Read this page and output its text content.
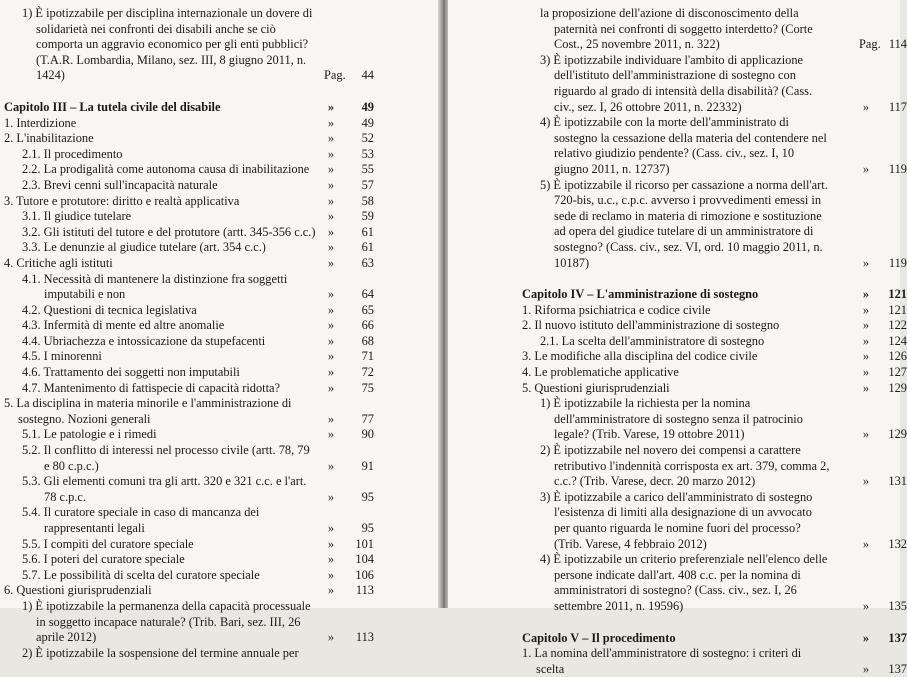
1) È ipotizzabile per disciplina internazionale un dovere di solidarietà nei confronti dei disabili anche se ciò comporta un aggravio economico per gli enti pubblici? (T.A.R. Lombardia, Milano, sez. III, 8 giugno 2011, n. 1424)	Pag.	44
Capitolo III – La tutela civile del disabile	»	49
1. Interdizione	»	49
2. L'inabilitazione	»	52
2.1. Il procedimento	»	53
2.2. La prodigalità come autonoma causa di inabilitazione	»	55
2.3. Brevi cenni sull'incapacità naturale	»	57
3. Tutore e protutore: diritto e realtà applicativa	»	58
3.1. Il giudice tutelare	»	59
3.2. Gli istituti del tutore e del protutore (artt. 345-356 c.c.) »	61
3.3. Le denunzie al giudice tutelare (art. 354 c.c.)	»	61
4. Critiche agli istituti	»	63
4.1. Necessità di mantenere la distinzione fra soggetti imputabili e non	»	64
4.2. Questioni di tecnica legislativa	»	65
4.3. Infermità di mente ed altre anomalie	»	66
4.4. Ubriachezza e intossicazione da stupefacenti	»	68
4.5. I minorenni	»	71
4.6. Trattamento dei soggetti non imputabili	»	72
4.7. Mantenimento di fattispecie di capacità ridotta?	»	75
5. La disciplina in materia minorile e l'amministrazione di sostegno. Nozioni generali	»	77
5.1. Le patologie e i rimedi	»	90
5.2. Il conflitto di interessi nel processo civile (artt. 78, 79 e 80 c.p.c.)	»	91
5.3. Gli elementi comuni tra gli artt. 320 e 321 c.c. e l'art. 78 c.p.c.	»	95
5.4. Il curatore speciale in caso di mancanza dei rappresentanti legali	»	95
5.5. I compiti del curatore speciale	»	101
5.6. I poteri del curatore speciale	»	104
5.7. Le possibilità di scelta del curatore speciale	»	106
6. Questioni giurisprudenziali	»	113
1) È ipotizzabile la permanenza della capacità processuale in soggetto incapace naturale? (Trib. Bari, sez. III, 26 aprile 2012)	»	113
2) È ipotizzabile la sospensione del termine annuale per
la proposizione dell'azione di disconoscimento della paternità nei confronti di soggetto interdetto? (Corte Cost., 25 novembre 2011, n. 322)	Pag. 114
3) È ipotizzabile individuare l'ambito di applicazione dell'istituto dell'amministrazione di sostegno con riguardo al grado di intensità della disabilità? (Cass. civ., sez. I, 26 ottobre 2011, n. 22332)	»	117
4) È ipotizzabile con la morte dell'amministrato di sostegno la cessazione della materia del contendere nel relativo giudizio pendente? (Cass. civ., sez. I, 10 giugno 2011, n. 12737)	»	119
5) È ipotizzabile il ricorso per cassazione a norma dell'art. 720-bis, u.c., c.p.c. avverso i provvedimenti emessi in sede di reclamo in materia di rimozione e sostituzione ad opera del giudice tutelare di un amministratore di sostegno? (Cass. civ., sez. VI, ord. 10 maggio 2011, n. 10187)	»	119
Capitolo IV – L'amministrazione di sostegno	»	121
1. Riforma psichiatrica e codice civile	»	121
2. Il nuovo istituto dell'amministrazione di sostegno	»	122
2.1. La scelta dell'amministratore di sostegno	»	124
3. Le modifiche alla disciplina del codice civile	»	126
4. Le problematiche applicative	»	127
5. Questioni giurisprudenziali	»	129
1) È ipotizzabile la richiesta per la nomina dell'amministratore di sostegno senza il patrocinio legale? (Trib. Varese, 19 ottobre 2011)	»	129
2) È ipotizzabile nel novero dei compensi a carattere retributivo l'indennità corrisposta ex art. 379, comma 2, c.c.? (Trib. Varese, decr. 20 marzo 2012)	»	131
3) È ipotizzabile a carico dell'amministrato di sostegno l'esistenza di limiti alla designazione di un avvocato per quanto riguarda le nomine fuori del processo? (Trib. Varese, 4 febbraio 2012)	»	132
4) È ipotizzabile un criterio preferenziale nell'elenco delle persone indicate dall'art. 408 c.c. per la nomina di amministratori di sostegno? (Cass. civ., sez. I, 26 settembre 2011, n. 19596)	»	135
Capitolo V – Il procedimento	»	137
1. La nomina dell'amministratore di sostegno: i criteri di scelta	»	137
